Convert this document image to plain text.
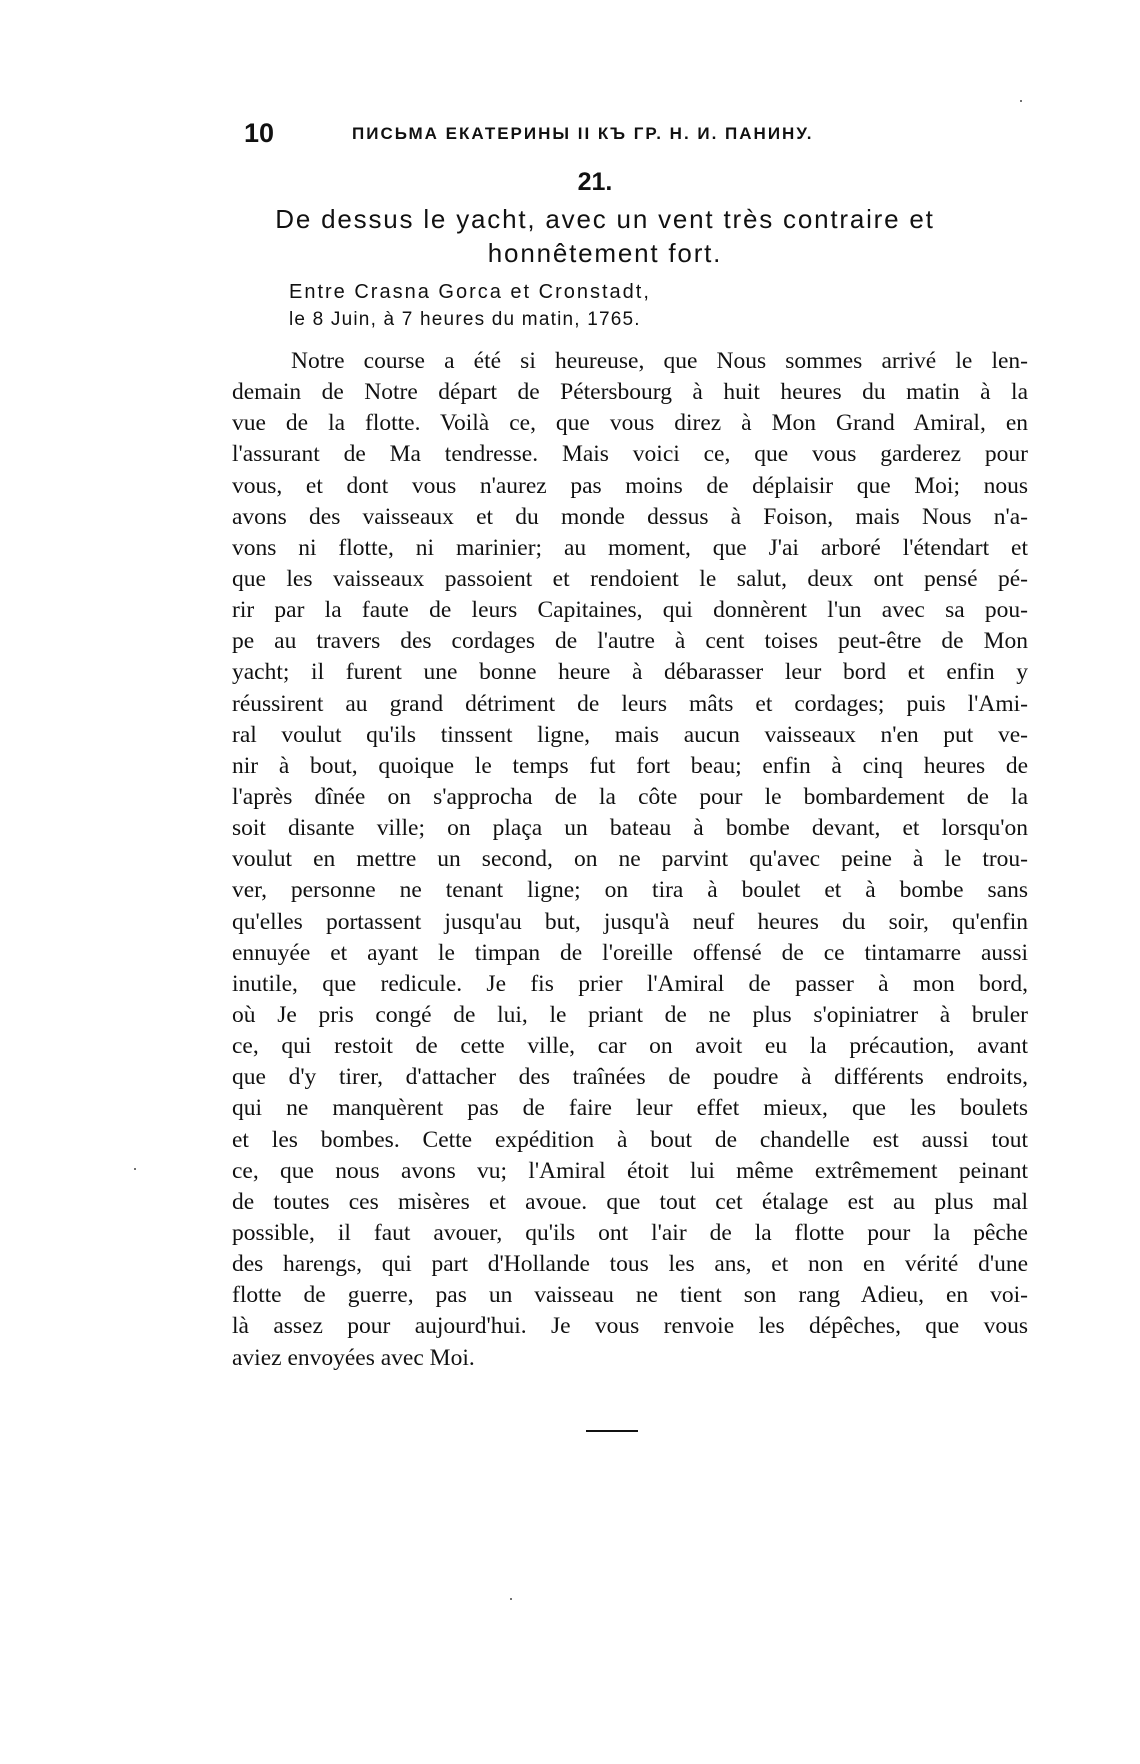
10	ПИСЬМА ЕКАТЕРИНЫ II КЪ ГР. Н. И. ПАНИНУ.
21.
De dessus le yacht, avec un vent très contraire et honnêtement fort.
Entre Crasna Gorca et Cronstadt,
le 8 Juin, à 7 heures du matin, 1765.
Notre course a été si heureuse, que Nous sommes arrivé le len-
demain de Notre départ de Pétersbourg à huit heures du matin à la
vue de la flotte. Voilà ce, que vous direz à Mon Grand Amiral, en
l'assurant de Ma tendresse. Mais voici ce, que vous garderez pour
vous, et dont vous n'aurez pas moins de déplaisir que Moi; nous
avons des vaisseaux et du monde dessus à Foison, mais Nous n'a-
vons ni flotte, ni marinier; au moment, que J'ai arboré l'étendart et
que les vaisseaux passoient et rendoient le salut, deux ont pensé pé-
rir par la faute de leurs Capitaines, qui donnèrent l'un avec sa pou-
pe au travers des cordages de l'autre à cent toises peut-être de Mon
yacht; il furent une bonne heure à débarasser leur bord et enfin y
réussirent au grand détriment de leurs mâts et cordages; puis l'Ami-
ral voulut qu'ils tinssent ligne, mais aucun vaisseaux n'en put ve-
nir à bout, quoique le temps fut fort beau; enfin à cinq heures de
l'après dînée on s'approcha de la côte pour le bombardement de la
soit disante ville; on plaça un bateau à bombe devant, et lorsqu'on
voulut en mettre un second, on ne parvint qu'avec peine à le trou-
ver, personne ne tenant ligne; on tira à boulet et à bombe sans
qu'elles portassent jusqu'au but, jusqu'à neuf heures du soir, qu'enfin
ennuyée et ayant le timpan de l'oreille offensé de ce tintamarre aussi
inutile, que redicule. Je fis prier l'Amiral de passer à mon bord,
où Je pris congé de lui, le priant de ne plus s'opiniatrer à bruler
ce, qui restoit de cette ville, car on avoit eu la précaution, avant
que d'y tirer, d'attacher des traînées de poudre à différents endroits,
qui ne manquèrent pas de faire leur effet mieux, que les boulets
et les bombes. Cette expédition à bout de chandelle est aussi tout
ce, que nous avons vu; l'Amiral étoit lui même extrêmement peinant
de toutes ces misères et avoue. que tout cet étalage est au plus mal
possible, il faut avouer, qu'ils ont l'air de la flotte pour la pêche
des harengs, qui part d'Hollande tous les ans, et non en vérité d'une
flotte de guerre, pas un vaisseau ne tient son rang Adieu, en voi-
là assez pour aujourd'hui. Je vous renvoie les dépêches, que vous
aviez envoyées avec Moi.
